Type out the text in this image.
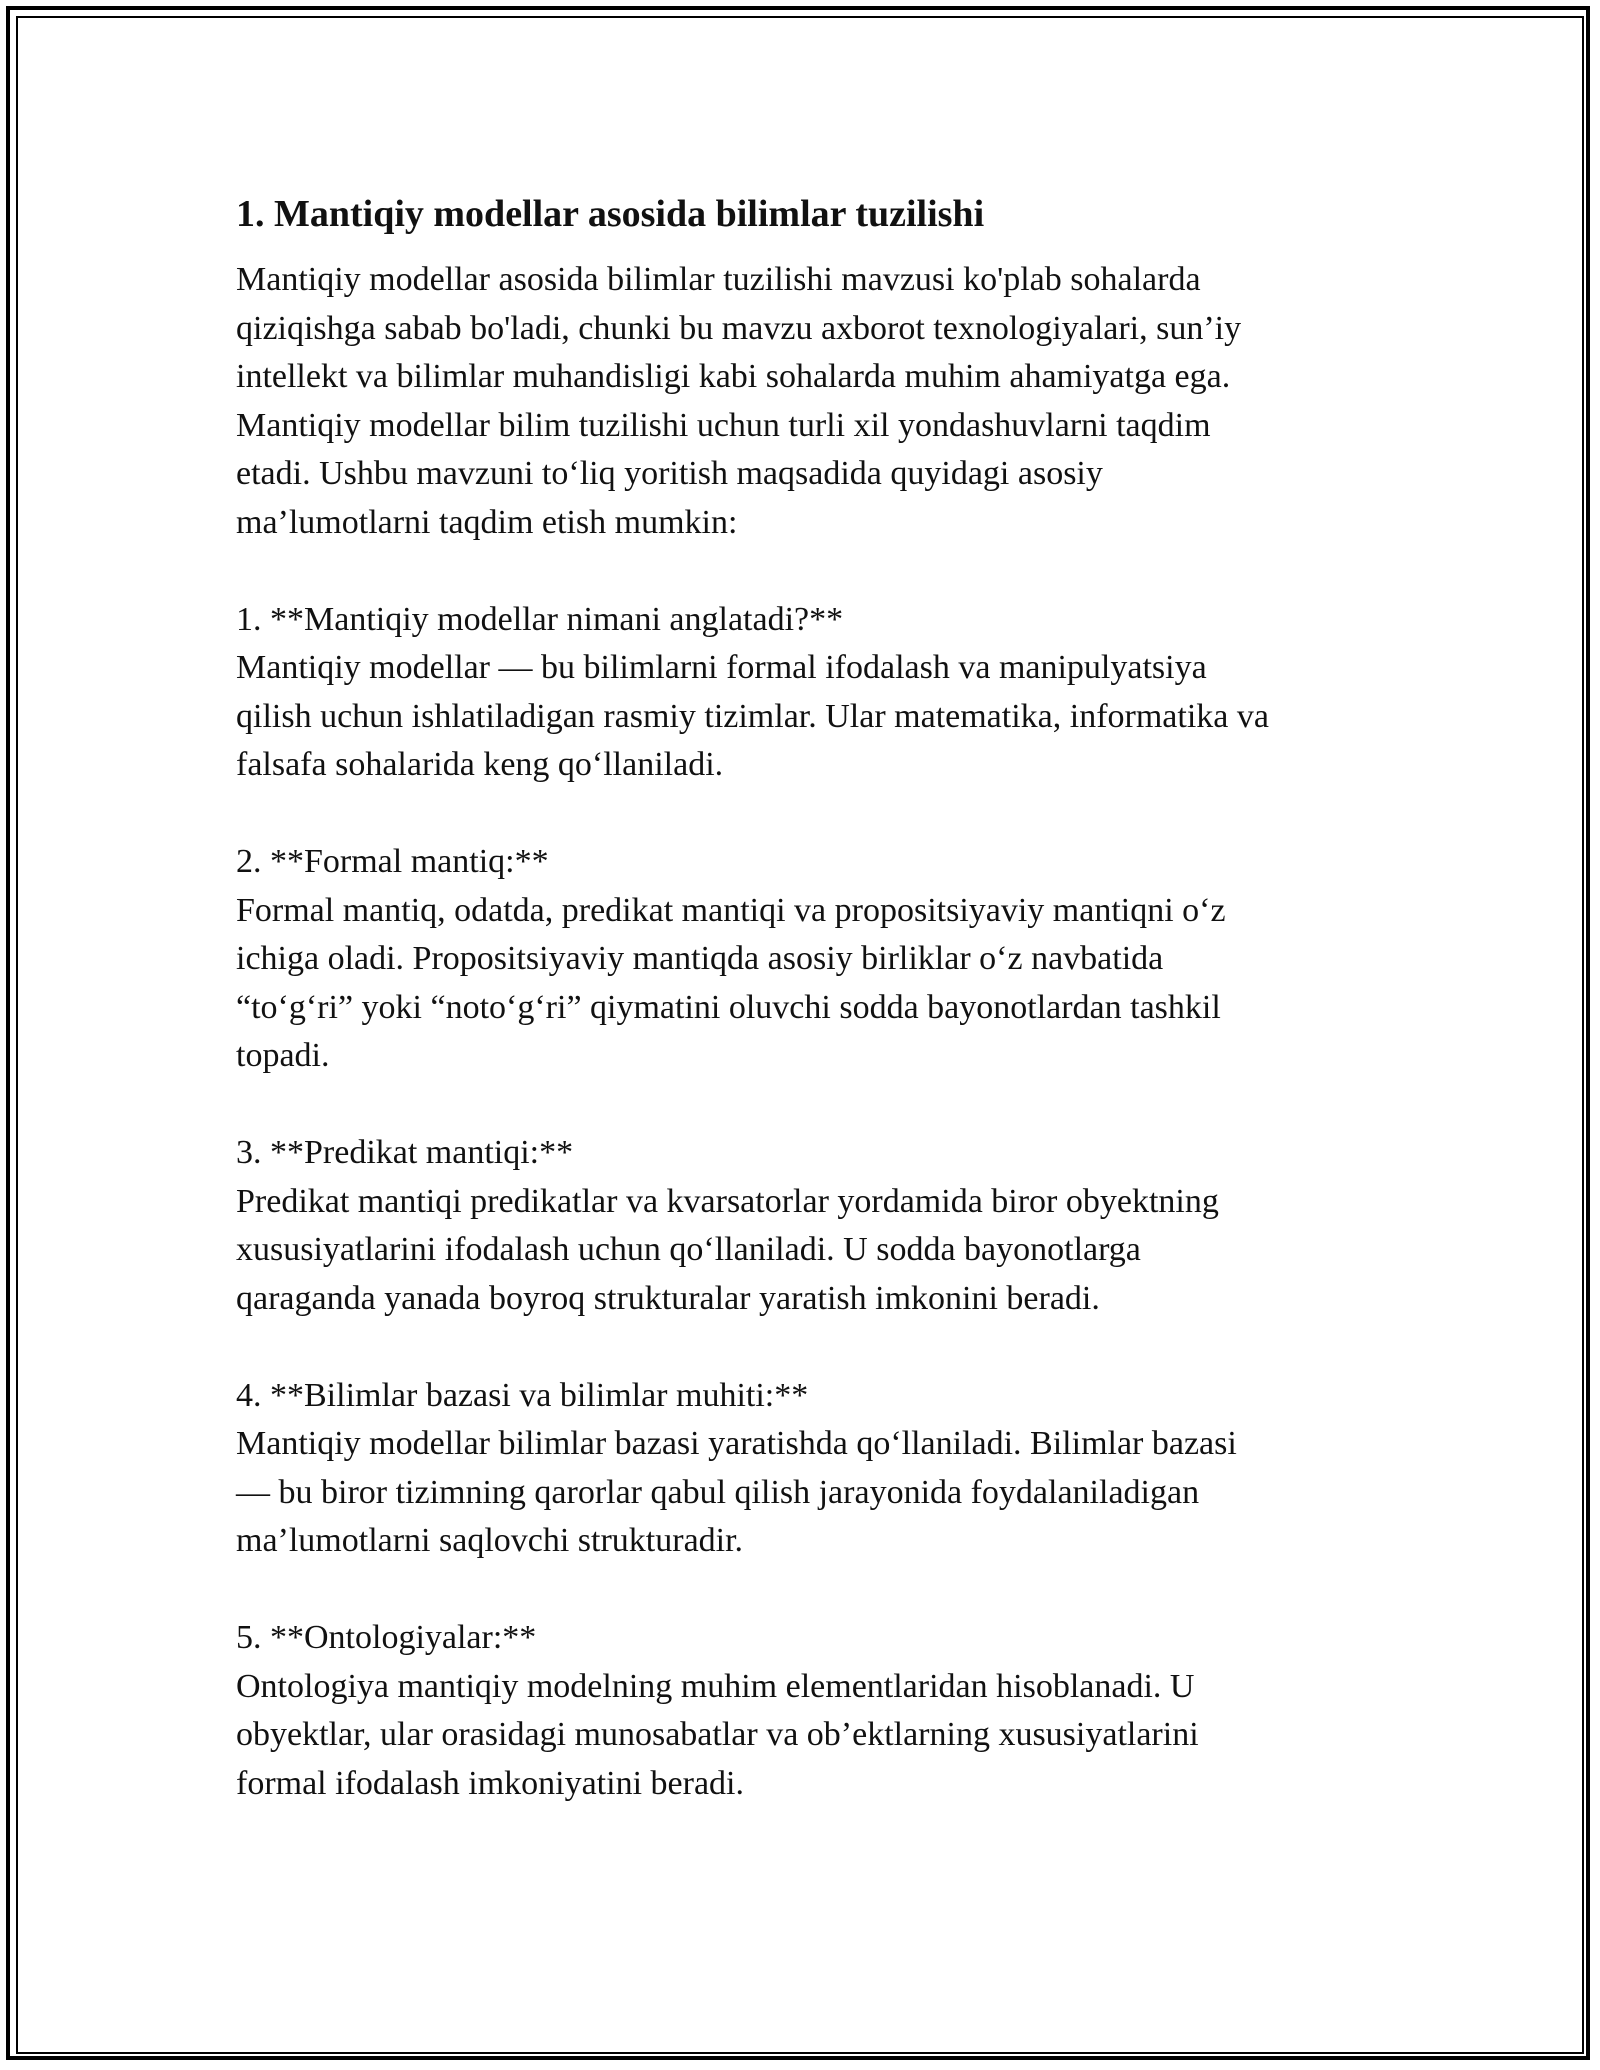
1. Mantiqiy modellar asosida bilimlar tuzilishi

Mantiqiy modellar asosida bilimlar tuzilishi mavzusi ko'plab sohalarda
qiziqishga sabab bo'ladi, chunki bu mavzu axborot texnologiyalari, sun’iy
intellekt va bilimlar muhandisligi kabi sohalarda muhim ahamiyatga ega.
Mantiqiy modellar bilim tuzilishi uchun turli xil yondashuvlarni taqdim
etadi. Ushbu mavzuni to‘liq yoritish maqsadida quyidagi asosiy
ma’lumotlarni taqdim etish mumkin:

1. **Mantiqiy modellar nimani anglatadi?**
Mantiqiy modellar — bu bilimlarni formal ifodalash va manipulyatsiya
qilish uchun ishlatiladigan rasmiy tizimlar. Ular matematika, informatika va
falsafa sohalarida keng qo‘llaniladi.

2. **Formal mantiq:**
Formal mantiq, odatda, predikat mantiqi va propositsiyaviy mantiqni o‘z
ichiga oladi. Propositsiyaviy mantiqda asosiy birliklar o‘z navbatida
“to‘g‘ri” yoki “noto‘g‘ri” qiymatini oluvchi sodda bayonotlardan tashkil
topadi.

3. **Predikat mantiqi:**
Predikat mantiqi predikatlar va kvarsatorlar yordamida biror obyektning
xususiyatlarini ifodalash uchun qo‘llaniladi. U sodda bayonotlarga
qaraganda yanada boyroq strukturalar yaratish imkonini beradi.

4. **Bilimlar bazasi va bilimlar muhiti:**
Mantiqiy modellar bilimlar bazasi yaratishda qo‘llaniladi. Bilimlar bazasi
— bu biror tizimning qarorlar qabul qilish jarayonida foydalaniladigan
ma’lumotlarni saqlovchi strukturadir.

5. **Ontologiyalar:**
Ontologiya mantiqiy modelning muhim elementlaridan hisoblanadi. U
obyektlar, ular orasidagi munosabatlar va ob’ektlarning xususiyatlarini
formal ifodalash imkoniyatini beradi.
